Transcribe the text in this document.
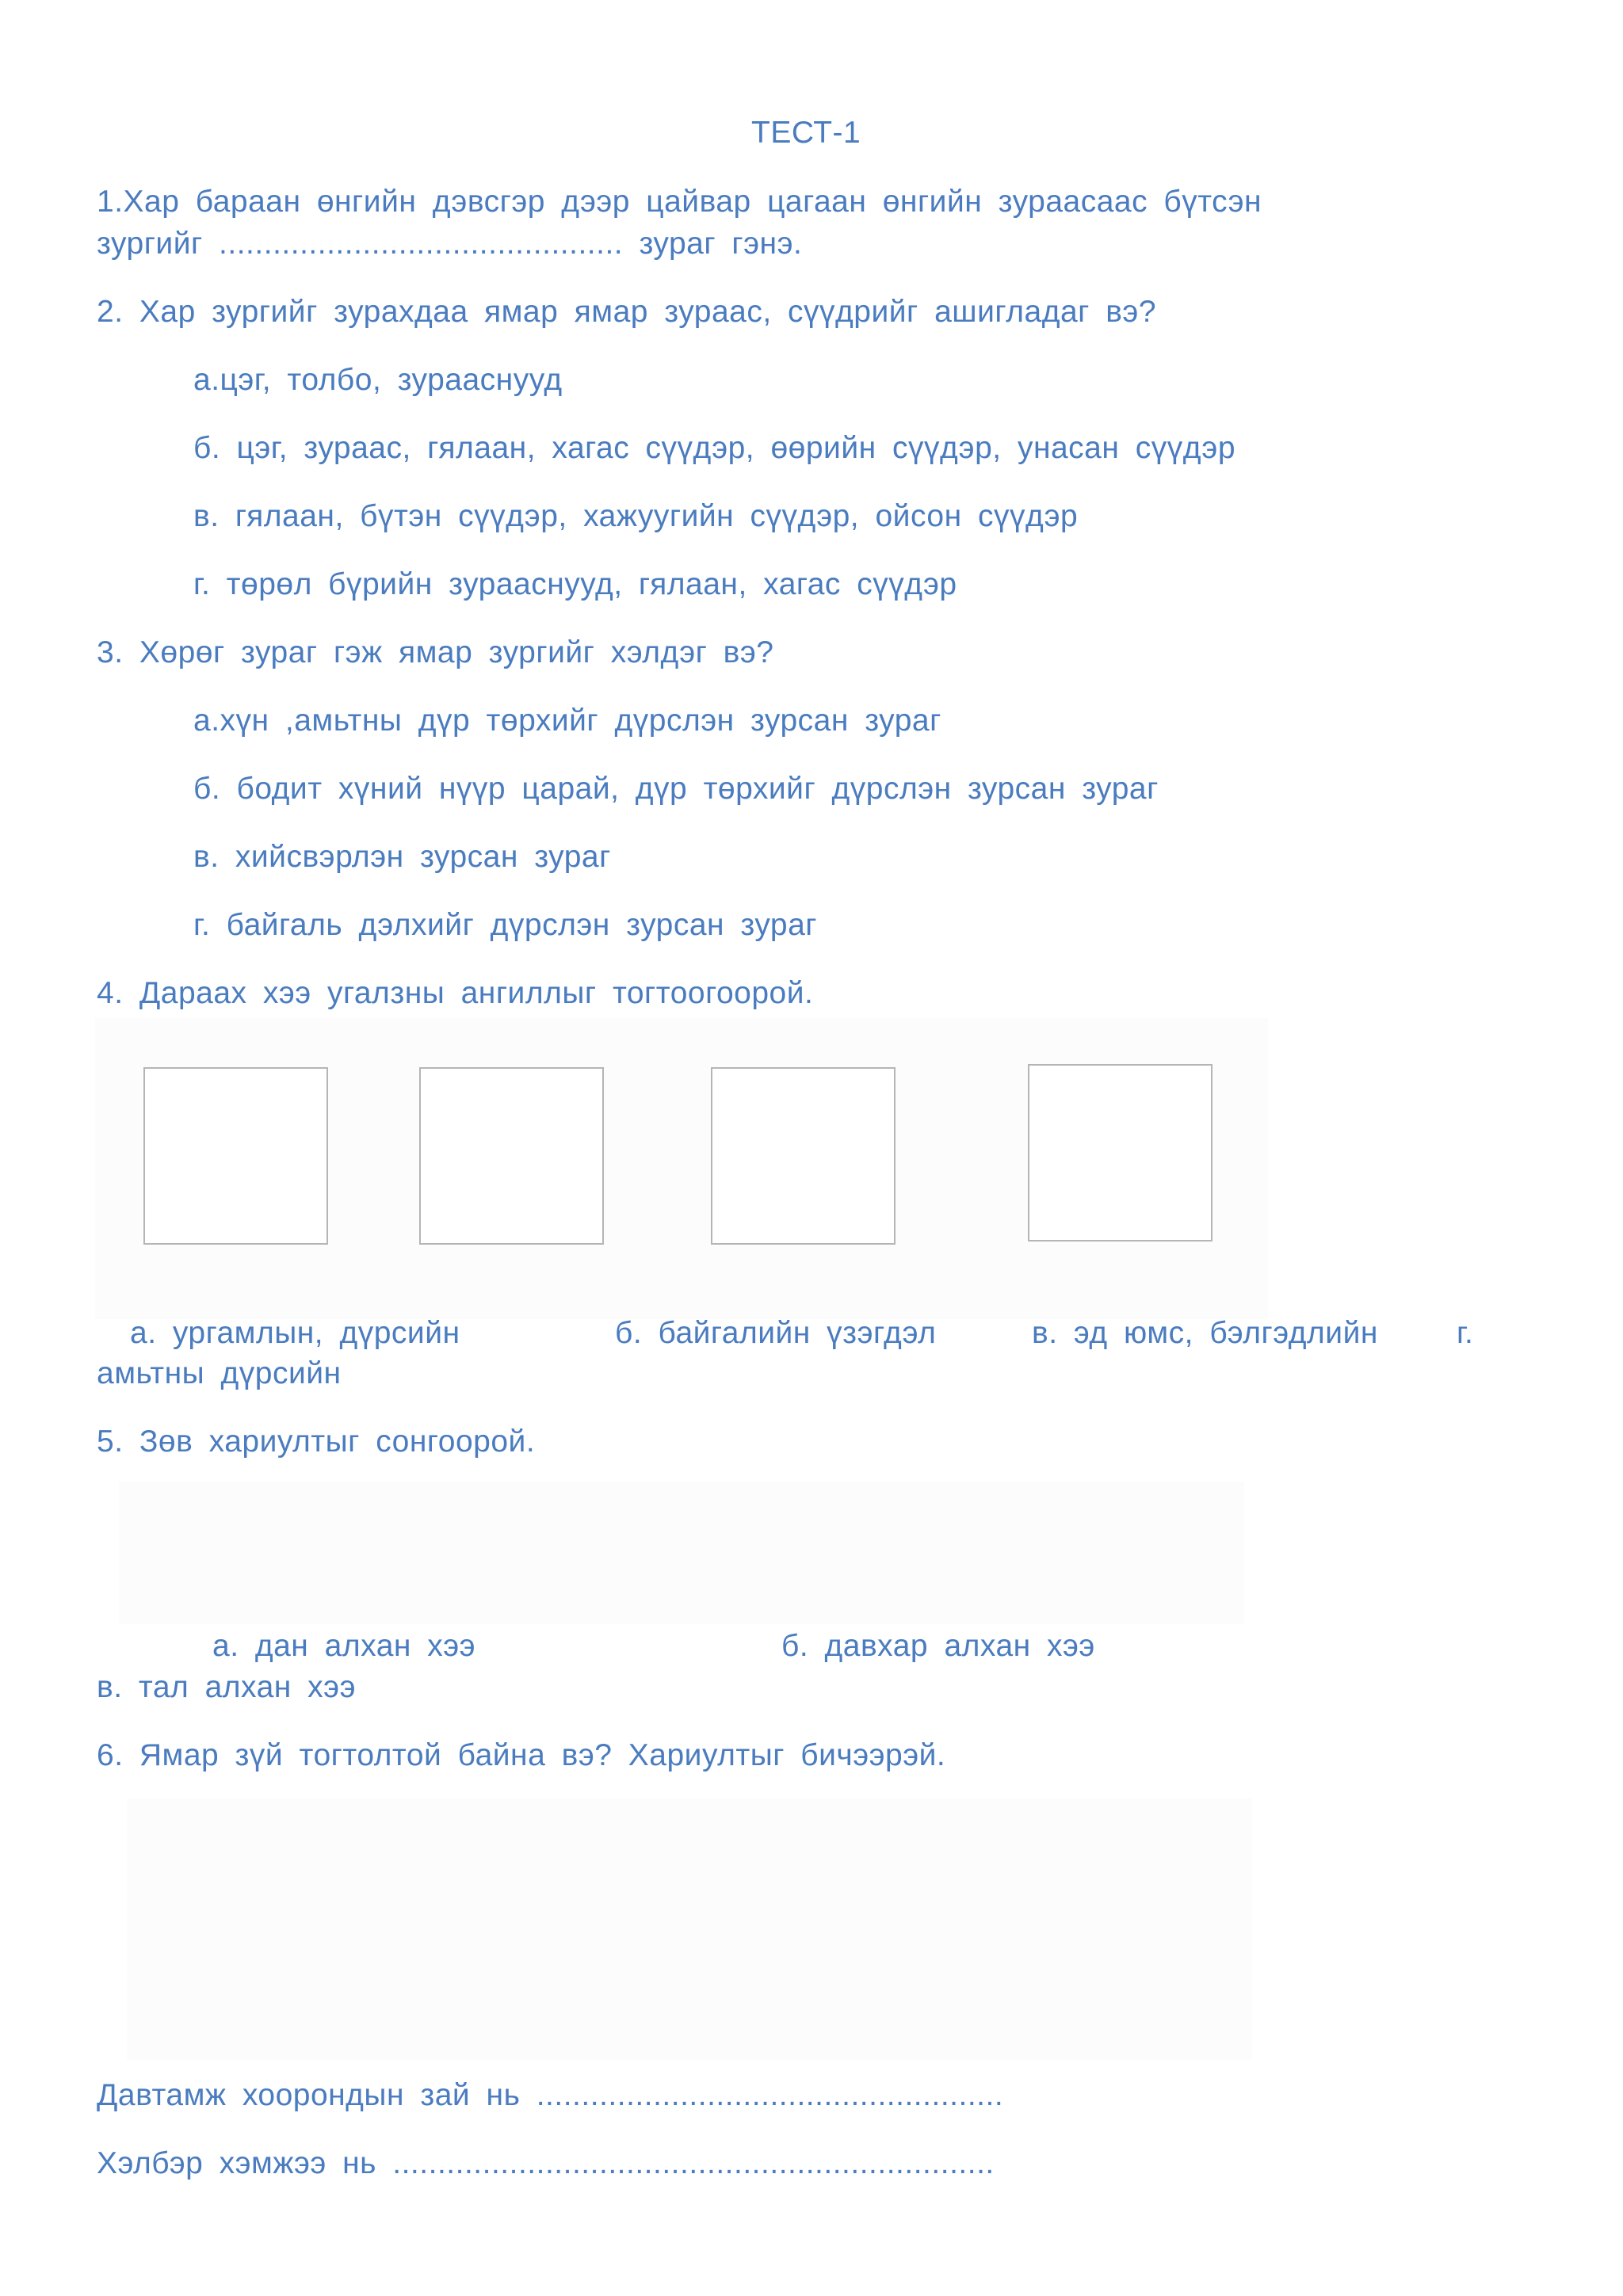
ТЕСТ-1
1.Хар бараан өнгийн дэвсгэр дээр цайвар цагаан өнгийн зураасаас бүтсэн
зургийг ............................................. зураг гэнэ.
2. Хар зургийг зурахдаа ямар ямар зураас, сүүдрийг ашигладаг вэ?
а.цэг, толбо, зурааснууд
б. цэг, зураас, гялаан, хагас сүүдэр, өөрийн сүүдэр, унасан сүүдэр
в. гялаан, бүтэн сүүдэр, хажуугийн сүүдэр, ойсон сүүдэр
г. төрөл бүрийн зурааснууд, гялаан, хагас сүүдэр
3. Хөрөг зураг гэж ямар зургийг хэлдэг вэ?
а.хүн ,амьтны дүр төрхийг дүрслэн зурсан зураг
б. бодит хүний нүүр царай, дүр төрхийг дүрслэн зурсан зураг
в. хийсвэрлэн зурсан зураг
г. байгаль дэлхийг дүрслэн зурсан зураг
4. Дараах хээ угалзны ангиллыг тогтоогоорой.
а. ургамлын, дүрсийн	б. байгалийн үзэгдэл	в. эд юмс, бэлгэдлийн	г.
амьтны дүрсийн
5. Зөв хариултыг сонгоорой.
а. дан алхан хээ	б. давхар алхан хээ
в. тал алхан хээ
6. Ямар зүй тогтолтой байна вэ? Хариултыг бичээрэй.
Давтамж хоорондын зай нь ....................................................
Хэлбэр хэмжээ нь ...................................................................
